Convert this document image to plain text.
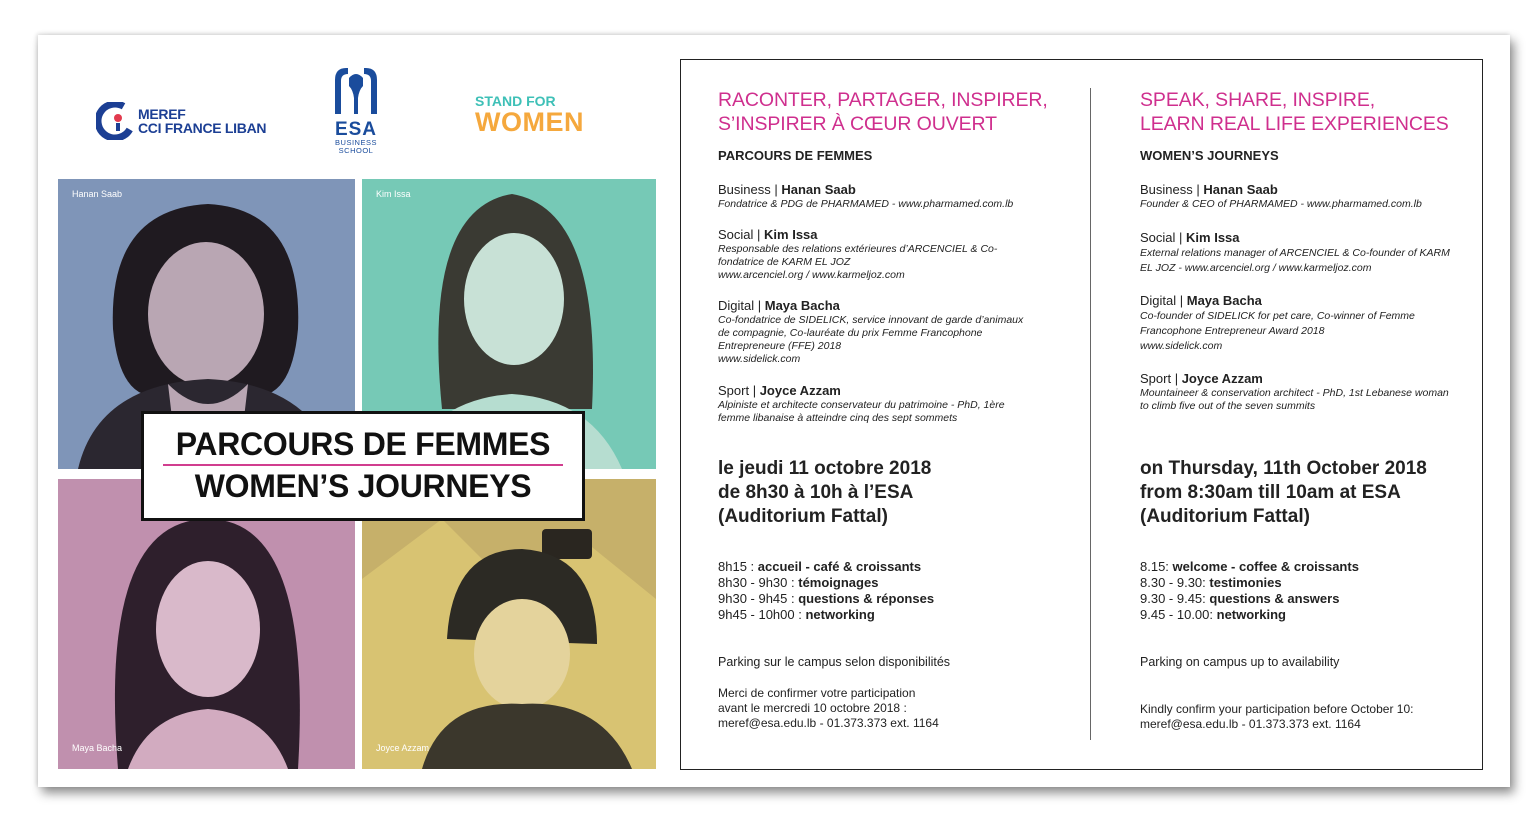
MEREF
CCI FRANCE LIBAN	ESA
BUSINESS
SCHOOL
STAND FOR
WOMEN
Hanan Saab	Kim Issa
Maya Bacha	Joyce Azzam
PARCOURS DE FEMMES
WOMEN’S JOURNEYS
RACONTER, PARTAGER, INSPIRER,
S’INSPIRER À CŒUR OUVERT
PARCOURS DE FEMMES
Business | Hanan Saab
Fondatrice & PDG de PHARMAMED - www.pharmamed.com.lb
Social | Kim Issa
Responsable des relations extérieures d’ARCENCIEL & Co-
fondatrice de KARM EL JOZ
www.arcenciel.org / www.karmeljoz.com
Digital | Maya Bacha
Co-fondatrice de SIDELICK, service innovant de garde d’animaux
de compagnie, Co-lauréate du prix Femme Francophone
Entrepreneure (FFE) 2018
www.sidelick.com
Sport | Joyce Azzam
Alpiniste et architecte conservateur du patrimoine - PhD, 1ère
femme libanaise à atteindre cinq des sept sommets
le jeudi 11 octobre 2018
de 8h30 à 10h à l’ESA
(Auditorium Fattal)
8h15 : accueil - café & croissants
8h30 - 9h30 : témoignages
9h30 - 9h45 : questions & réponses
9h45 - 10h00 : networking
Parking sur le campus selon disponibilités
Merci de confirmer votre participation
avant le mercredi 10 octobre 2018 :
meref@esa.edu.lb - 01.373.373 ext. 1164
SPEAK, SHARE, INSPIRE,
LEARN REAL LIFE EXPERIENCES
WOMEN’S JOURNEYS
Business | Hanan Saab
Founder & CEO of PHARMAMED - www.pharmamed.com.lb
Social | Kim Issa
External relations manager of ARCENCIEL & Co-founder of KARM
EL JOZ - www.arcenciel.org / www.karmeljoz.com
Digital | Maya Bacha
Co-founder of SIDELICK for pet care, Co-winner of Femme
Francophone Entrepreneur Award 2018
www.sidelick.com
Sport | Joyce Azzam
Mountaineer & conservation architect - PhD, 1st Lebanese woman
to climb five out of the seven summits
on Thursday, 11th October 2018
from 8:30am till 10am at ESA
(Auditorium Fattal)
8.15: welcome - coffee & croissants
8.30 - 9.30: testimonies
9.30 - 9.45: questions & answers
9.45 - 10.00: networking
Parking on campus up to availability
Kindly confirm your participation before October 10:
meref@esa.edu.lb - 01.373.373 ext. 1164
